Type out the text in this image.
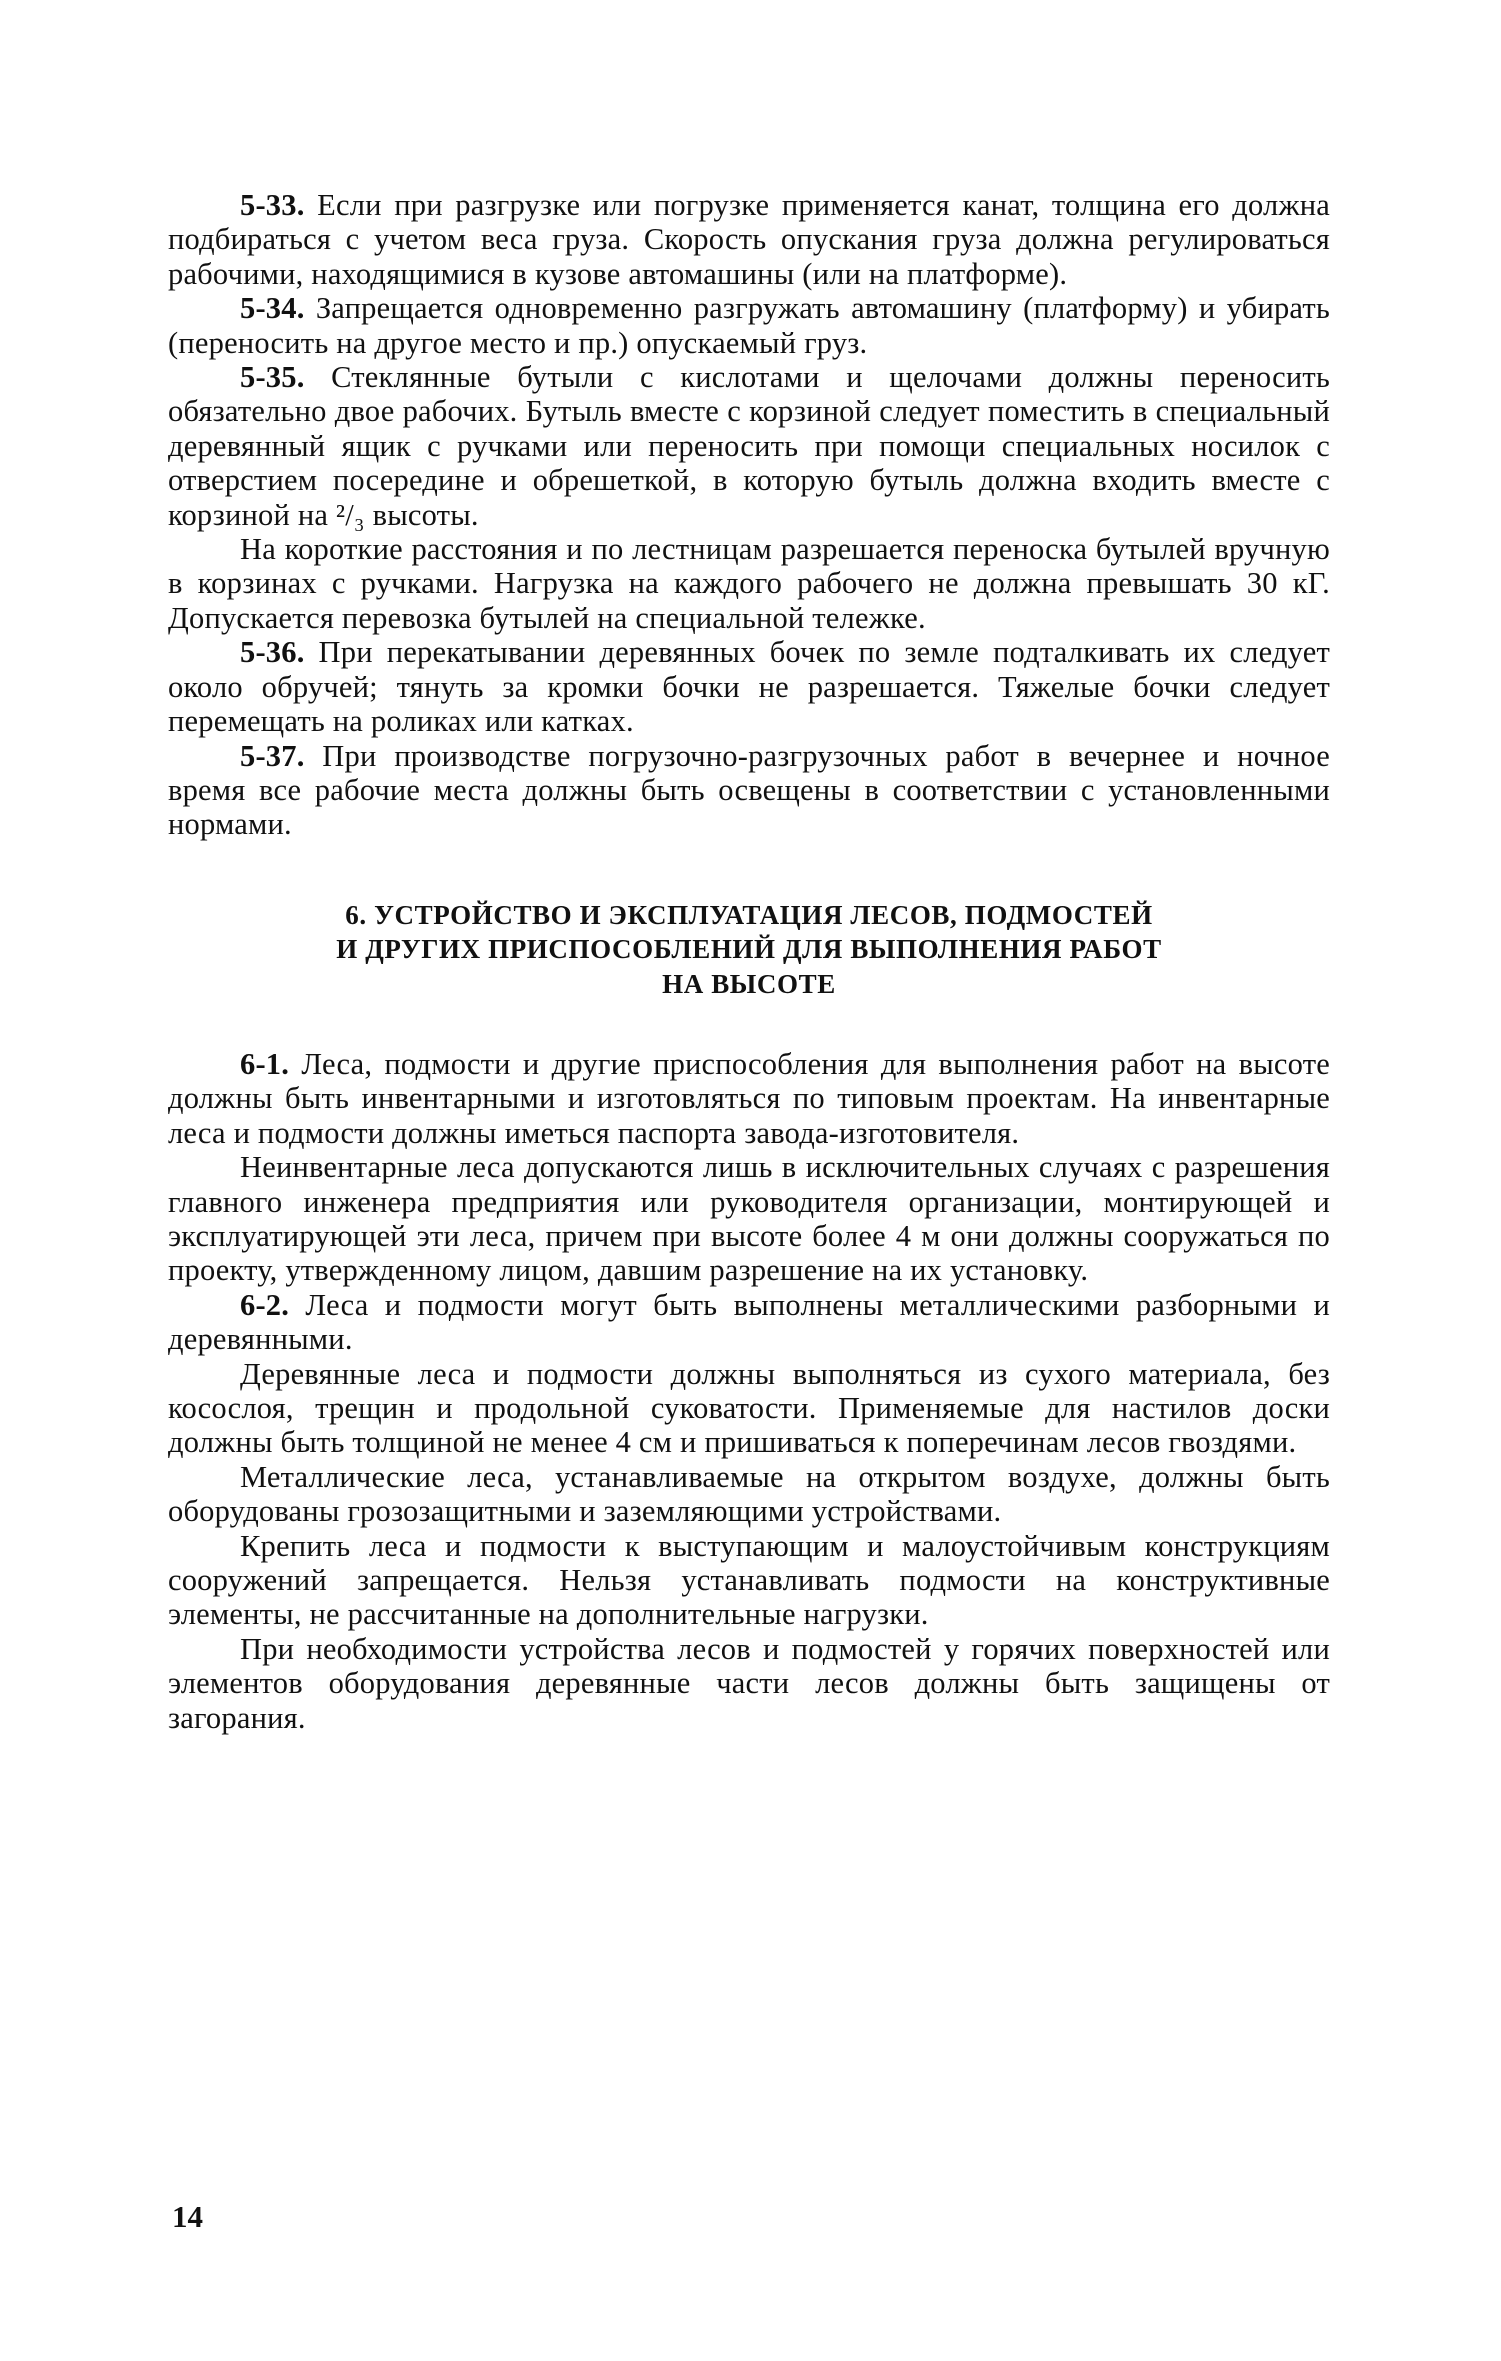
5-33. Если при разгрузке или погрузке применяется канат, толщина его должна подбираться с учетом веса груза. Скорость опускания груза должна регулироваться рабочими, находящимися в кузове автомашины (или на платформе).

5-34. Запрещается одновременно разгружать автомашину (платформу) и убирать (переносить на другое место и пр.) опускаемый груз.

5-35. Стеклянные бутыли с кислотами и щелочами должны переносить обязательно двое рабочих. Бутыль вместе с корзиной следует поместить в специальный деревянный ящик с ручками или переносить при помощи специальных носилок с отверстием посередине и обрешеткой, в которую бутыль должна входить вместе с корзиной на ²/₃ высоты.

На короткие расстояния и по лестницам разрешается переноска бутылей вручную в корзинах с ручками. Нагрузка на каждого рабочего не должна превышать 30 кГ. Допускается перевозка бутылей на специальной тележке.

5-36. При перекатывании деревянных бочек по земле подталкивать их следует около обручей; тянуть за кромки бочки не разрешается. Тяжелые бочки следует перемещать на роликах или катках.

5-37. При производстве погрузочно-разгрузочных работ в вечернее и ночное время все рабочие места должны быть освещены в соответствии с установленными нормами.

6. УСТРОЙСТВО И ЭКСПЛУАТАЦИЯ ЛЕСОВ, ПОДМОСТЕЙ
И ДРУГИХ ПРИСПОСОБЛЕНИЙ ДЛЯ ВЫПОЛНЕНИЯ РАБОТ
НА ВЫСОТЕ

6-1. Леса, подмости и другие приспособления для выполнения работ на высоте должны быть инвентарными и изготовляться по типовым проектам. На инвентарные леса и подмости должны иметься паспорта завода-изготовителя.

Неинвентарные леса допускаются лишь в исключительных случаях с разрешения главного инженера предприятия или руководителя организации, монтирующей и эксплуатирующей эти леса, причем при высоте более 4 м они должны сооружаться по проекту, утвержденному лицом, давшим разрешение на их установку.

6-2. Леса и подмости могут быть выполнены металлическими разборными и деревянными.

Деревянные леса и подмости должны выполняться из сухого материала, без косослоя, трещин и продольной суковатости. Применяемые для настилов доски должны быть толщиной не менее 4 см и пришиваться к поперечинам лесов гвоздями.

Металлические леса, устанавливаемые на открытом воздухе, должны быть оборудованы грозозащитными и заземляющими устройствами.

Крепить леса и подмости к выступающим и малоустойчивым конструкциям сооружений запрещается. Нельзя устанавливать подмости на конструктивные элементы, не рассчитанные на дополнительные нагрузки.

При необходимости устройства лесов и подмостей у горячих поверхностей или элементов оборудования деревянные части лесов должны быть защищены от загорания.

14
